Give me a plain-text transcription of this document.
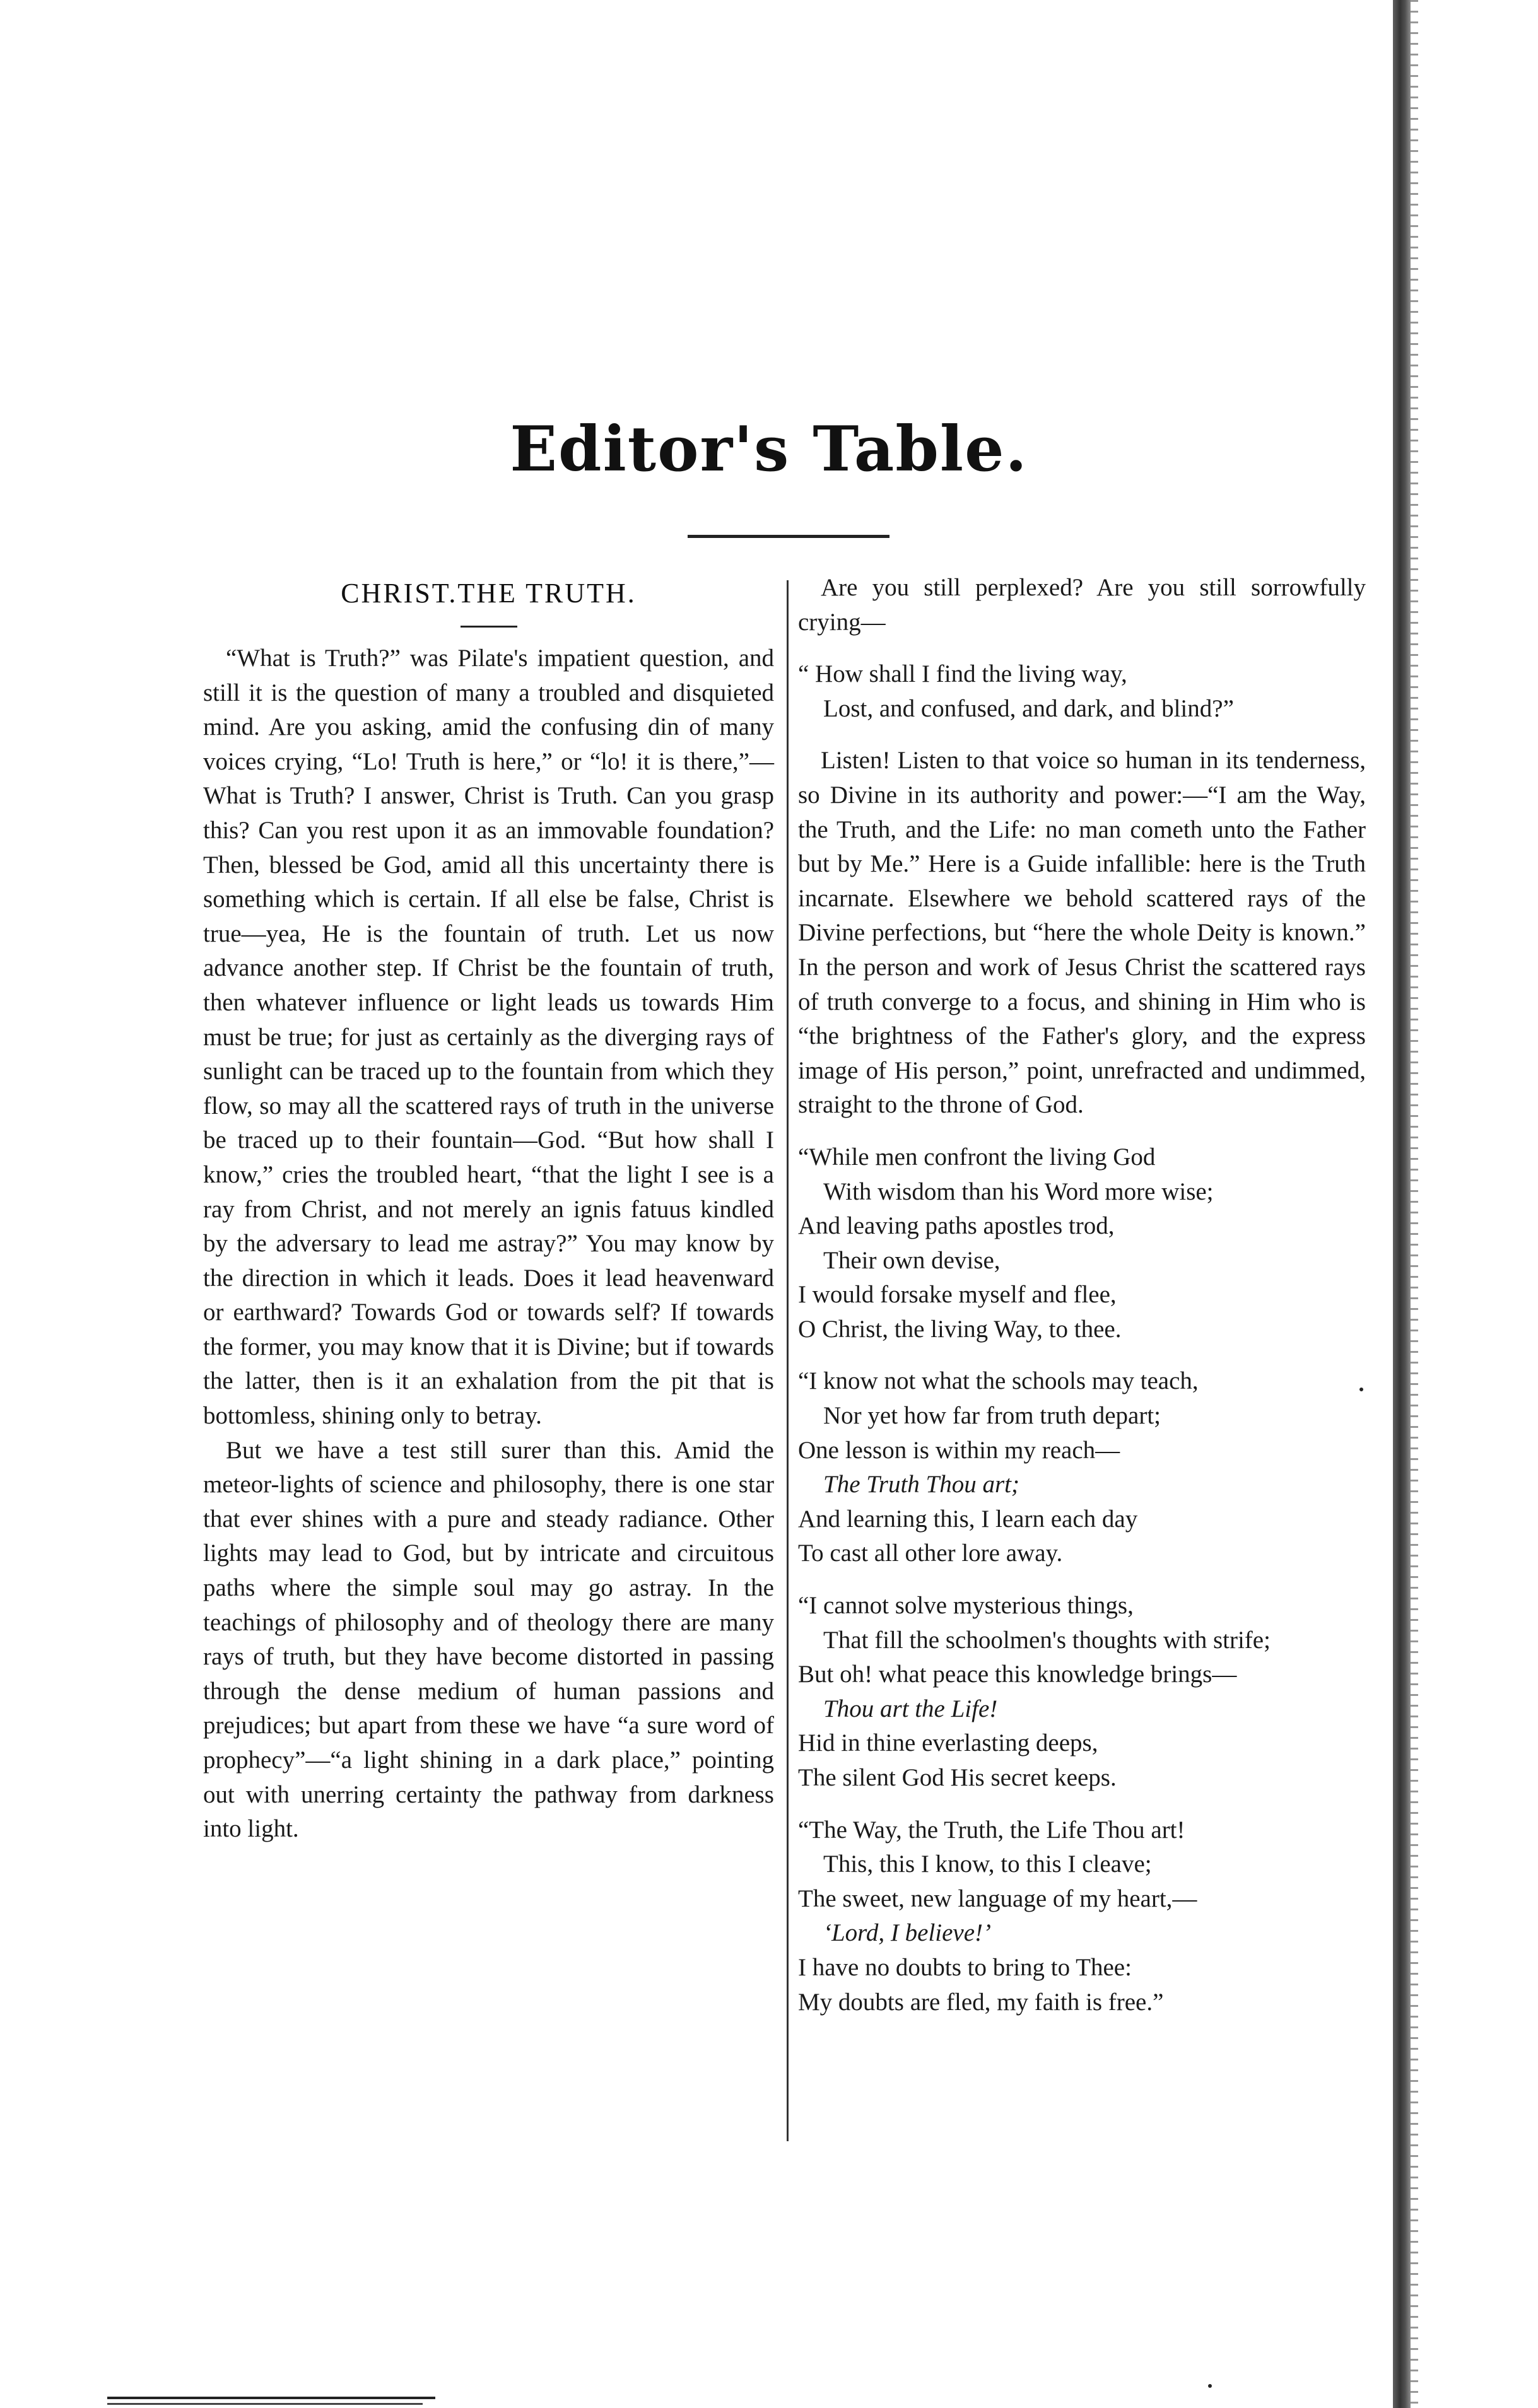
Editor's Table.
CHRIST.THE TRUTH.

“What is Truth?” was Pilate's impatient question, and still it is the question of many a troubled and disquieted mind. Are you asking, amid the confusing din of many voices crying, “Lo! Truth is here,” or “lo! it is there,”— What is Truth? I answer, Christ is Truth. Can you grasp this? Can you rest upon it as an immovable foundation? Then, blessed be God, amid all this uncertainty there is something which is certain. If all else be false, Christ is true—yea, He is the fountain of truth. Let us now advance another step. If Christ be the fountain of truth, then whatever influence or light leads us towards Him must be true; for just as certainly as the diverging rays of sunlight can be traced up to the fountain from which they flow, so may all the scattered rays of truth in the universe be traced up to their fountain—God. “But how shall I know,” cries the troubled heart, “that the light I see is a ray from Christ, and not merely an ignis fatuus kindled by the adversary to lead me astray?” You may know by the direction in which it leads. Does it lead heavenward or earthward? Towards God or towards self? If towards the former, you may know that it is Divine; but if towards the latter, then is it an exhalation from the pit that is bottomless, shining only to betray.

But we have a test still surer than this. Amid the meteor-lights of science and philosophy, there is one star that ever shines with a pure and steady radiance. Other lights may lead to God, but by intricate and circuitous paths where the simple soul may go astray. In the teachings of philosophy and of theology there are many rays of truth, but they have become distorted in passing through the dense medium of human passions and prejudices; but apart from these we have “a sure word of prophecy”—“a light shining in a dark place,” pointing out with unerring certainty the pathway from darkness into light.

Are you still perplexed? Are you still sorrowfully crying—

“ How shall I find the living way,
Lost, and confused, and dark, and blind?”

Listen! Listen to that voice so human in its tenderness, so Divine in its authority and power:—“I am the Way, the Truth, and the Life: no man cometh unto the Father but by Me.” Here is a Guide infallible: here is the Truth incarnate. Elsewhere we behold scattered rays of the Divine perfections, but “here the whole Deity is known.” In the person and work of Jesus Christ the scattered rays of truth converge to a focus, and shining in Him who is “the brightness of the Father's glory, and the express image of His person,” point, unrefracted and undimmed, straight to the throne of God.

“While men confront the living God
With wisdom than his Word more wise;
And leaving paths apostles trod,
Their own devise,
I would forsake myself and flee,
O Christ, the living Way, to thee.
“I know not what the schools may teach,
Nor yet how far from truth depart;
One lesson is within my reach—
The Truth Thou art;
And learning this, I learn each day
To cast all other lore away.
“I cannot solve mysterious things,
That fill the schoolmen's thoughts with strife;
But oh! what peace this knowledge brings—
Thou art the Life!
Hid in thine everlasting deeps,
The silent God His secret keeps.
“The Way, the Truth, the Life Thou art!
This, this I know, to this I cleave;
The sweet, new language of my heart,—
‘Lord, I believe!’
I have no doubts to bring to Thee:
My doubts are fled, my faith is free.”
